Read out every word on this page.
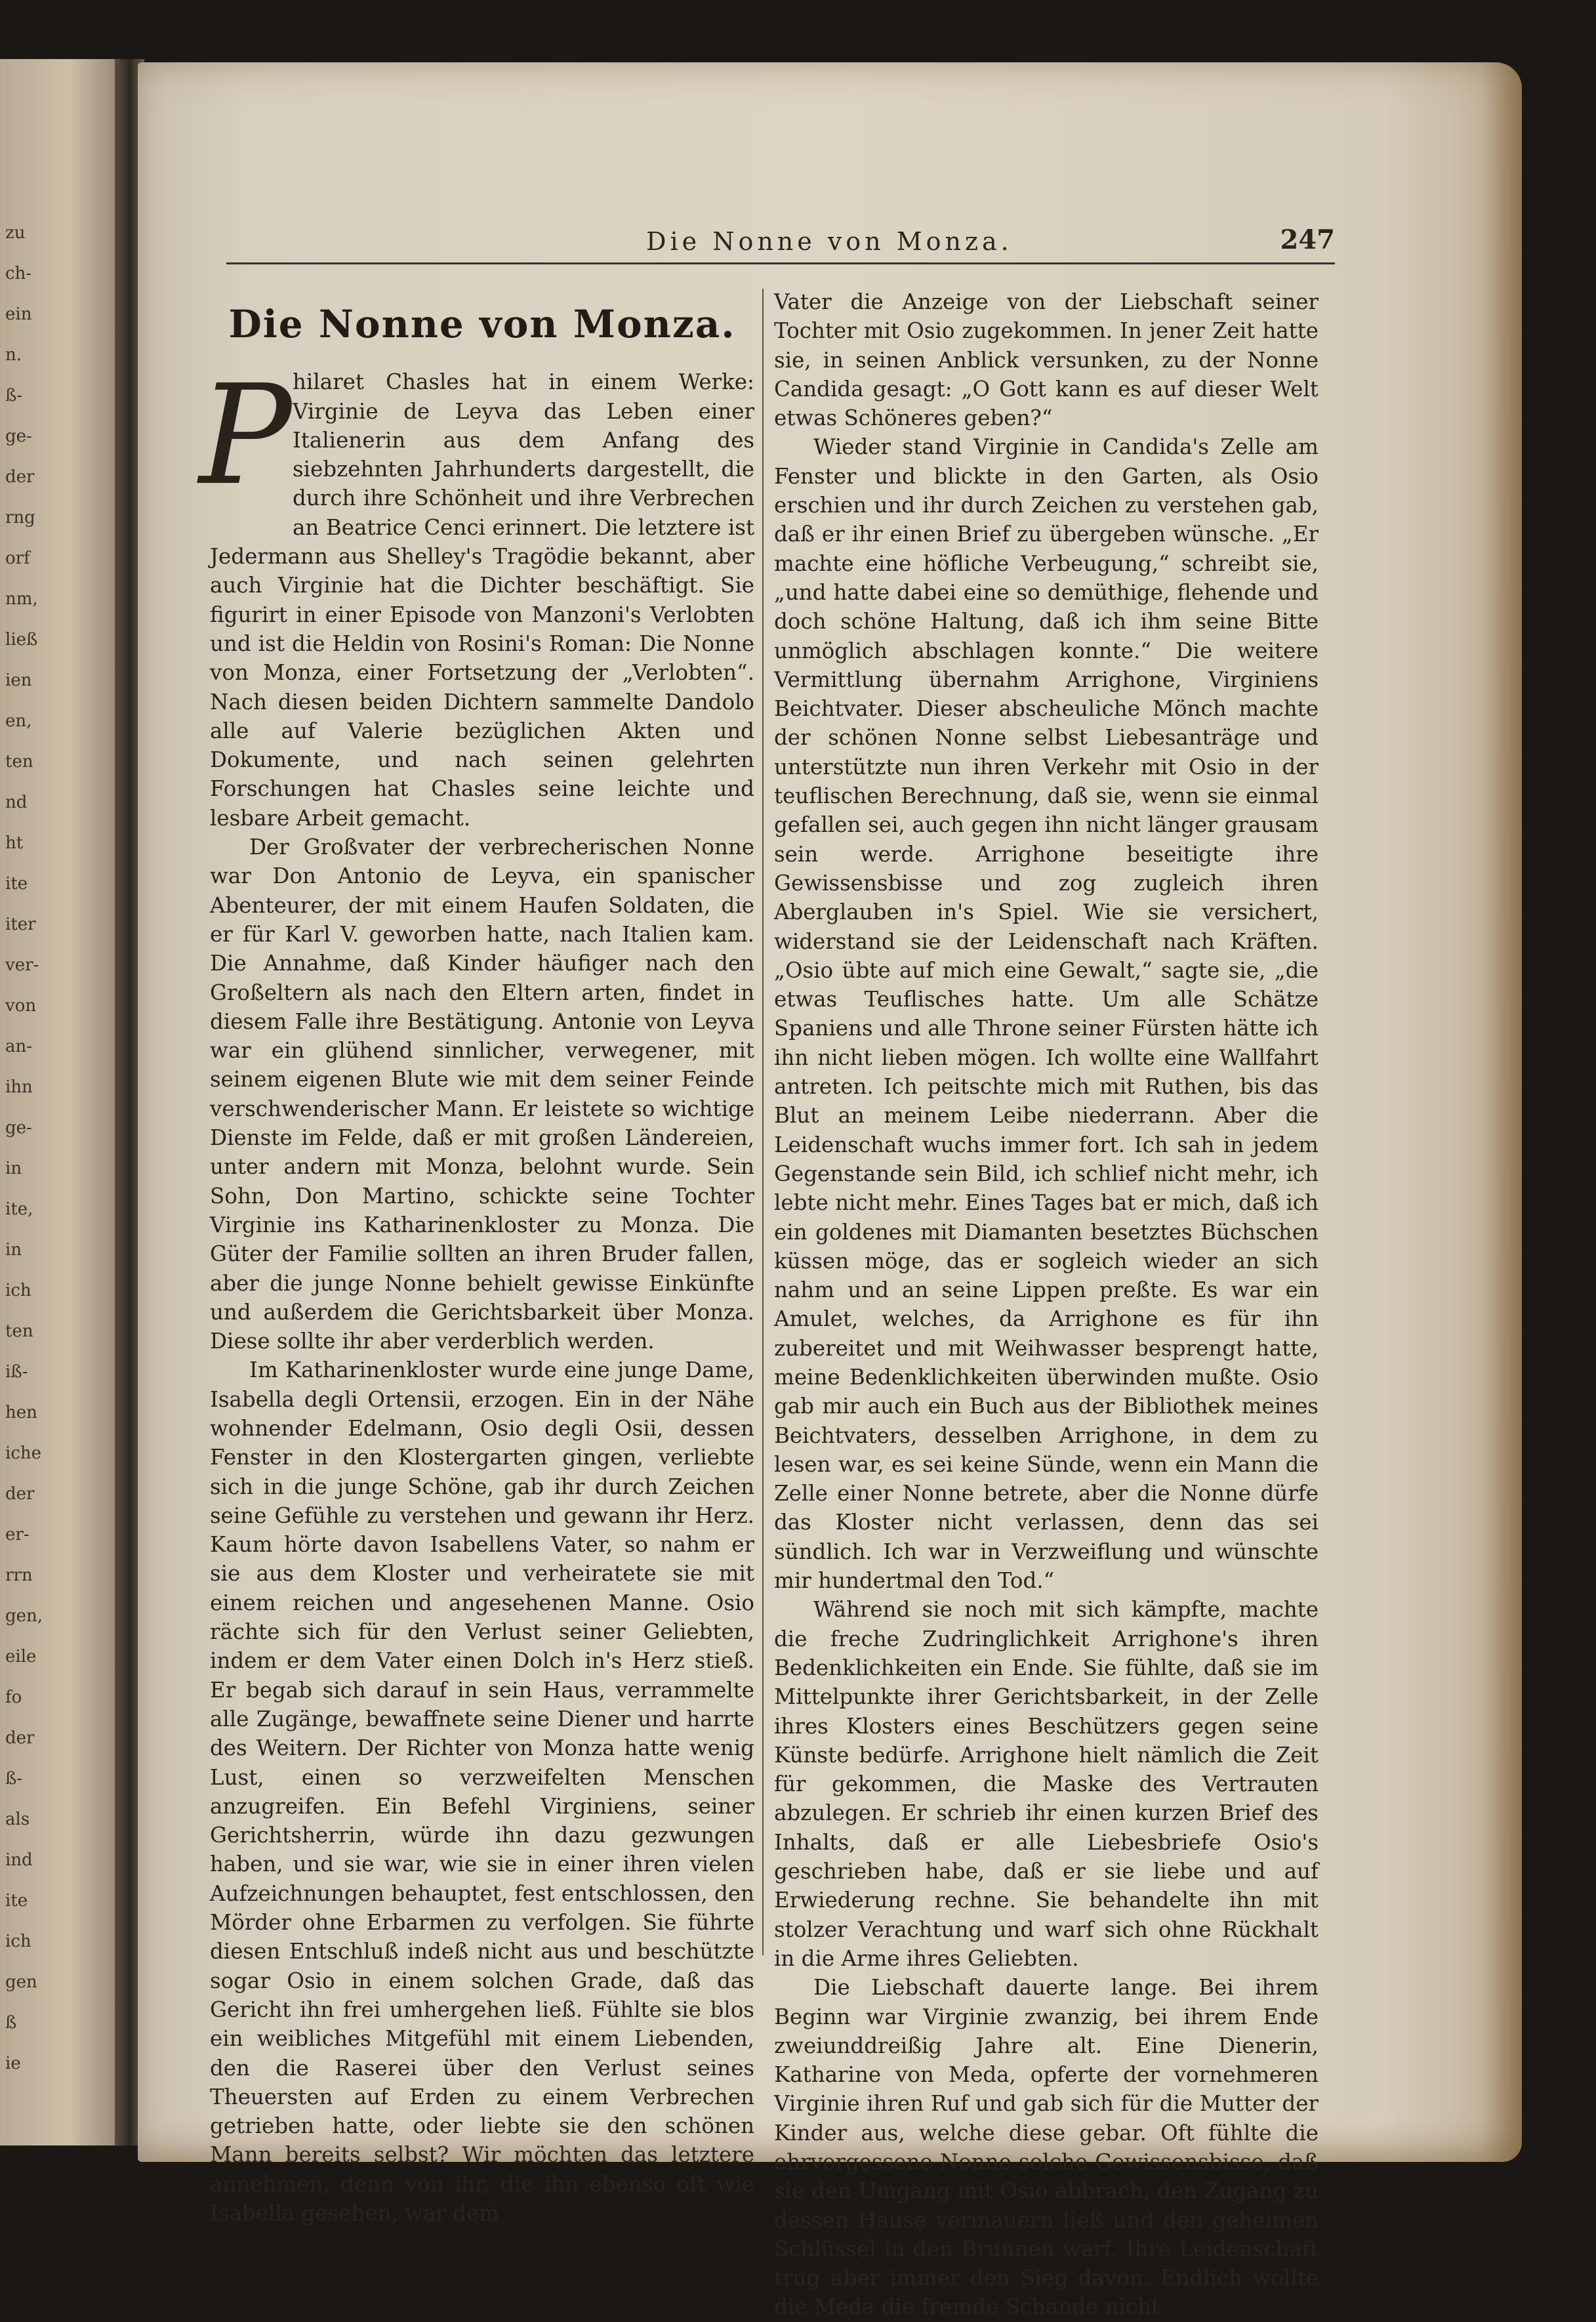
zu
ch-
ein
n.
ß-
ge-
der
rng
orf
nm,
ließ
ien
en,
ten
nd
ht
ite
iter
ver-
von
an-
ihn
ge-
in
ite,
in
ich
ten
iß-
hen
iche
der
er-
rrn
gen,
eile
fo
der
ß-
als
ind
ite
ich
gen
ß
ie
Die Nonne von Monza.	247
Die Nonne von Monza.
P hilaret Chasles hat in einem Werke: Virginie de Leyva das Leben einer Italienerin aus dem Anfang des siebzehnten Jahrhunderts dargestellt, die durch ihre Schönheit und ihre Verbrechen an Beatrice Cenci erinnert. Die letztere ist Jedermann aus Shelley's Tragödie bekannt, aber auch Virginie hat die Dichter beschäftigt. Sie figurirt in einer Episode von Manzoni's Verlobten und ist die Heldin von Rosini's Roman: Die Nonne von Monza, einer Fortsetzung der „Verlobten“. Nach diesen beiden Dichtern sammelte Dandolo alle auf Valerie bezüglichen Akten und Dokumente, und nach seinen gelehrten Forschungen hat Chasles seine leichte und lesbare Arbeit gemacht.

Der Großvater der verbrecherischen Nonne war Don Antonio de Leyva, ein spanischer Abenteurer, der mit einem Haufen Soldaten, die er für Karl V. geworben hatte, nach Italien kam. Die Annahme, daß Kinder häufiger nach den Großeltern als nach den Eltern arten, findet in diesem Falle ihre Bestätigung. Antonie von Leyva war ein glühend sinnlicher, verwegener, mit seinem eigenen Blute wie mit dem seiner Feinde verschwenderischer Mann. Er leistete so wichtige Dienste im Felde, daß er mit großen Ländereien, unter andern mit Monza, belohnt wurde. Sein Sohn, Don Martino, schickte seine Tochter Virginie ins Katharinenkloster zu Monza. Die Güter der Familie sollten an ihren Bruder fallen, aber die junge Nonne behielt gewisse Einkünfte und außerdem die Gerichtsbarkeit über Monza. Diese sollte ihr aber verderblich werden.

Im Katharinenkloster wurde eine junge Dame, Isabella degli Ortensii, erzogen. Ein in der Nähe wohnender Edelmann, Osio degli Osii, dessen Fenster in den Klostergarten gingen, verliebte sich in die junge Schöne, gab ihr durch Zeichen seine Gefühle zu verstehen und gewann ihr Herz. Kaum hörte davon Isabellens Vater, so nahm er sie aus dem Kloster und verheiratete sie mit einem reichen und angesehenen Manne. Osio rächte sich für den Verlust seiner Geliebten, indem er dem Vater einen Dolch in's Herz stieß. Er begab sich darauf in sein Haus, verrammelte alle Zugänge, bewaffnete seine Diener und harrte des Weitern. Der Richter von Monza hatte wenig Lust, einen so verzweifelten Menschen anzugreifen. Ein Befehl Virginiens, seiner Gerichtsherrin, würde ihn dazu gezwungen haben, und sie war, wie sie in einer ihren vielen Aufzeichnungen behauptet, fest entschlossen, den Mörder ohne Erbarmen zu verfolgen. Sie führte diesen Entschluß indeß nicht aus und beschützte sogar Osio in einem solchen Grade, daß das Gericht ihn frei umhergehen ließ. Fühlte sie blos ein weibliches Mitgefühl mit einem Liebenden, den die Raserei über den Verlust seines Theuersten auf Erden zu einem Verbrechen getrieben hatte, oder liebte sie den schönen Mann bereits selbst? Wir möchten das letztere annehmen, denn von ihr, die ihn ebenso oft wie Isabella gesehen, war dem

Vater die Anzeige von der Liebschaft seiner Tochter mit Osio zugekommen. In jener Zeit hatte sie, in seinen Anblick versunken, zu der Nonne Candida gesagt: „O Gott kann es auf dieser Welt etwas Schöneres geben?“

Wieder stand Virginie in Candida's Zelle am Fenster und blickte in den Garten, als Osio erschien und ihr durch Zeichen zu verstehen gab, daß er ihr einen Brief zu übergeben wünsche. „Er machte eine höfliche Verbeugung,“ schreibt sie, „und hatte dabei eine so demüthige, flehende und doch schöne Haltung, daß ich ihm seine Bitte unmöglich abschlagen konnte.“ Die weitere Vermittlung übernahm Arrighone, Virginiens Beichtvater. Dieser abscheuliche Mönch machte der schönen Nonne selbst Liebesanträge und unterstützte nun ihren Verkehr mit Osio in der teuflischen Berechnung, daß sie, wenn sie einmal gefallen sei, auch gegen ihn nicht länger grausam sein werde. Arrighone beseitigte ihre Gewissensbisse und zog zugleich ihren Aberglauben in's Spiel. Wie sie versichert, widerstand sie der Leidenschaft nach Kräften. „Osio übte auf mich eine Gewalt,“ sagte sie, „die etwas Teuflisches hatte. Um alle Schätze Spaniens und alle Throne seiner Fürsten hätte ich ihn nicht lieben mögen. Ich wollte eine Wallfahrt antreten. Ich peitschte mich mit Ruthen, bis das Blut an meinem Leibe niederrann. Aber die Leidenschaft wuchs immer fort. Ich sah in jedem Gegenstande sein Bild, ich schlief nicht mehr, ich lebte nicht mehr. Eines Tages bat er mich, daß ich ein goldenes mit Diamanten besetztes Büchschen küssen möge, das er sogleich wieder an sich nahm und an seine Lippen preßte. Es war ein Amulet, welches, da Arrighone es für ihn zubereitet und mit Weihwasser besprengt hatte, meine Bedenklichkeiten überwinden mußte. Osio gab mir auch ein Buch aus der Bibliothek meines Beichtvaters, desselben Arrighone, in dem zu lesen war, es sei keine Sünde, wenn ein Mann die Zelle einer Nonne betrete, aber die Nonne dürfe das Kloster nicht verlassen, denn das sei sündlich. Ich war in Verzweiflung und wünschte mir hundertmal den Tod.“

Während sie noch mit sich kämpfte, machte die freche Zudringlichkeit Arrighone's ihren Bedenklichkeiten ein Ende. Sie fühlte, daß sie im Mittelpunkte ihrer Gerichtsbarkeit, in der Zelle ihres Klosters eines Beschützers gegen seine Künste bedürfe. Arrighone hielt nämlich die Zeit für gekommen, die Maske des Vertrauten abzulegen. Er schrieb ihr einen kurzen Brief des Inhalts, daß er alle Liebesbriefe Osio's geschrieben habe, daß er sie liebe und auf Erwiederung rechne. Sie behandelte ihn mit stolzer Verachtung und warf sich ohne Rückhalt in die Arme ihres Geliebten.

Die Liebschaft dauerte lange. Bei ihrem Beginn war Virginie zwanzig, bei ihrem Ende zweiunddreißig Jahre alt. Eine Dienerin, Katharine von Meda, opferte der vornehmeren Virginie ihren Ruf und gab sich für die Mutter der Kinder aus, welche diese gebar. Oft fühlte die ehrvergessene Nonne solche Gewissensbisse, daß sie den Umgang mit Osio abbrach, den Zugang zu dessen Hause vermauern ließ und den geheimen Schlüssel in den Brunnen warf. Ihre Leidenschaft trug aber immer den Sieg davon. Endlich wollte die Meda die fremde Schande nicht
